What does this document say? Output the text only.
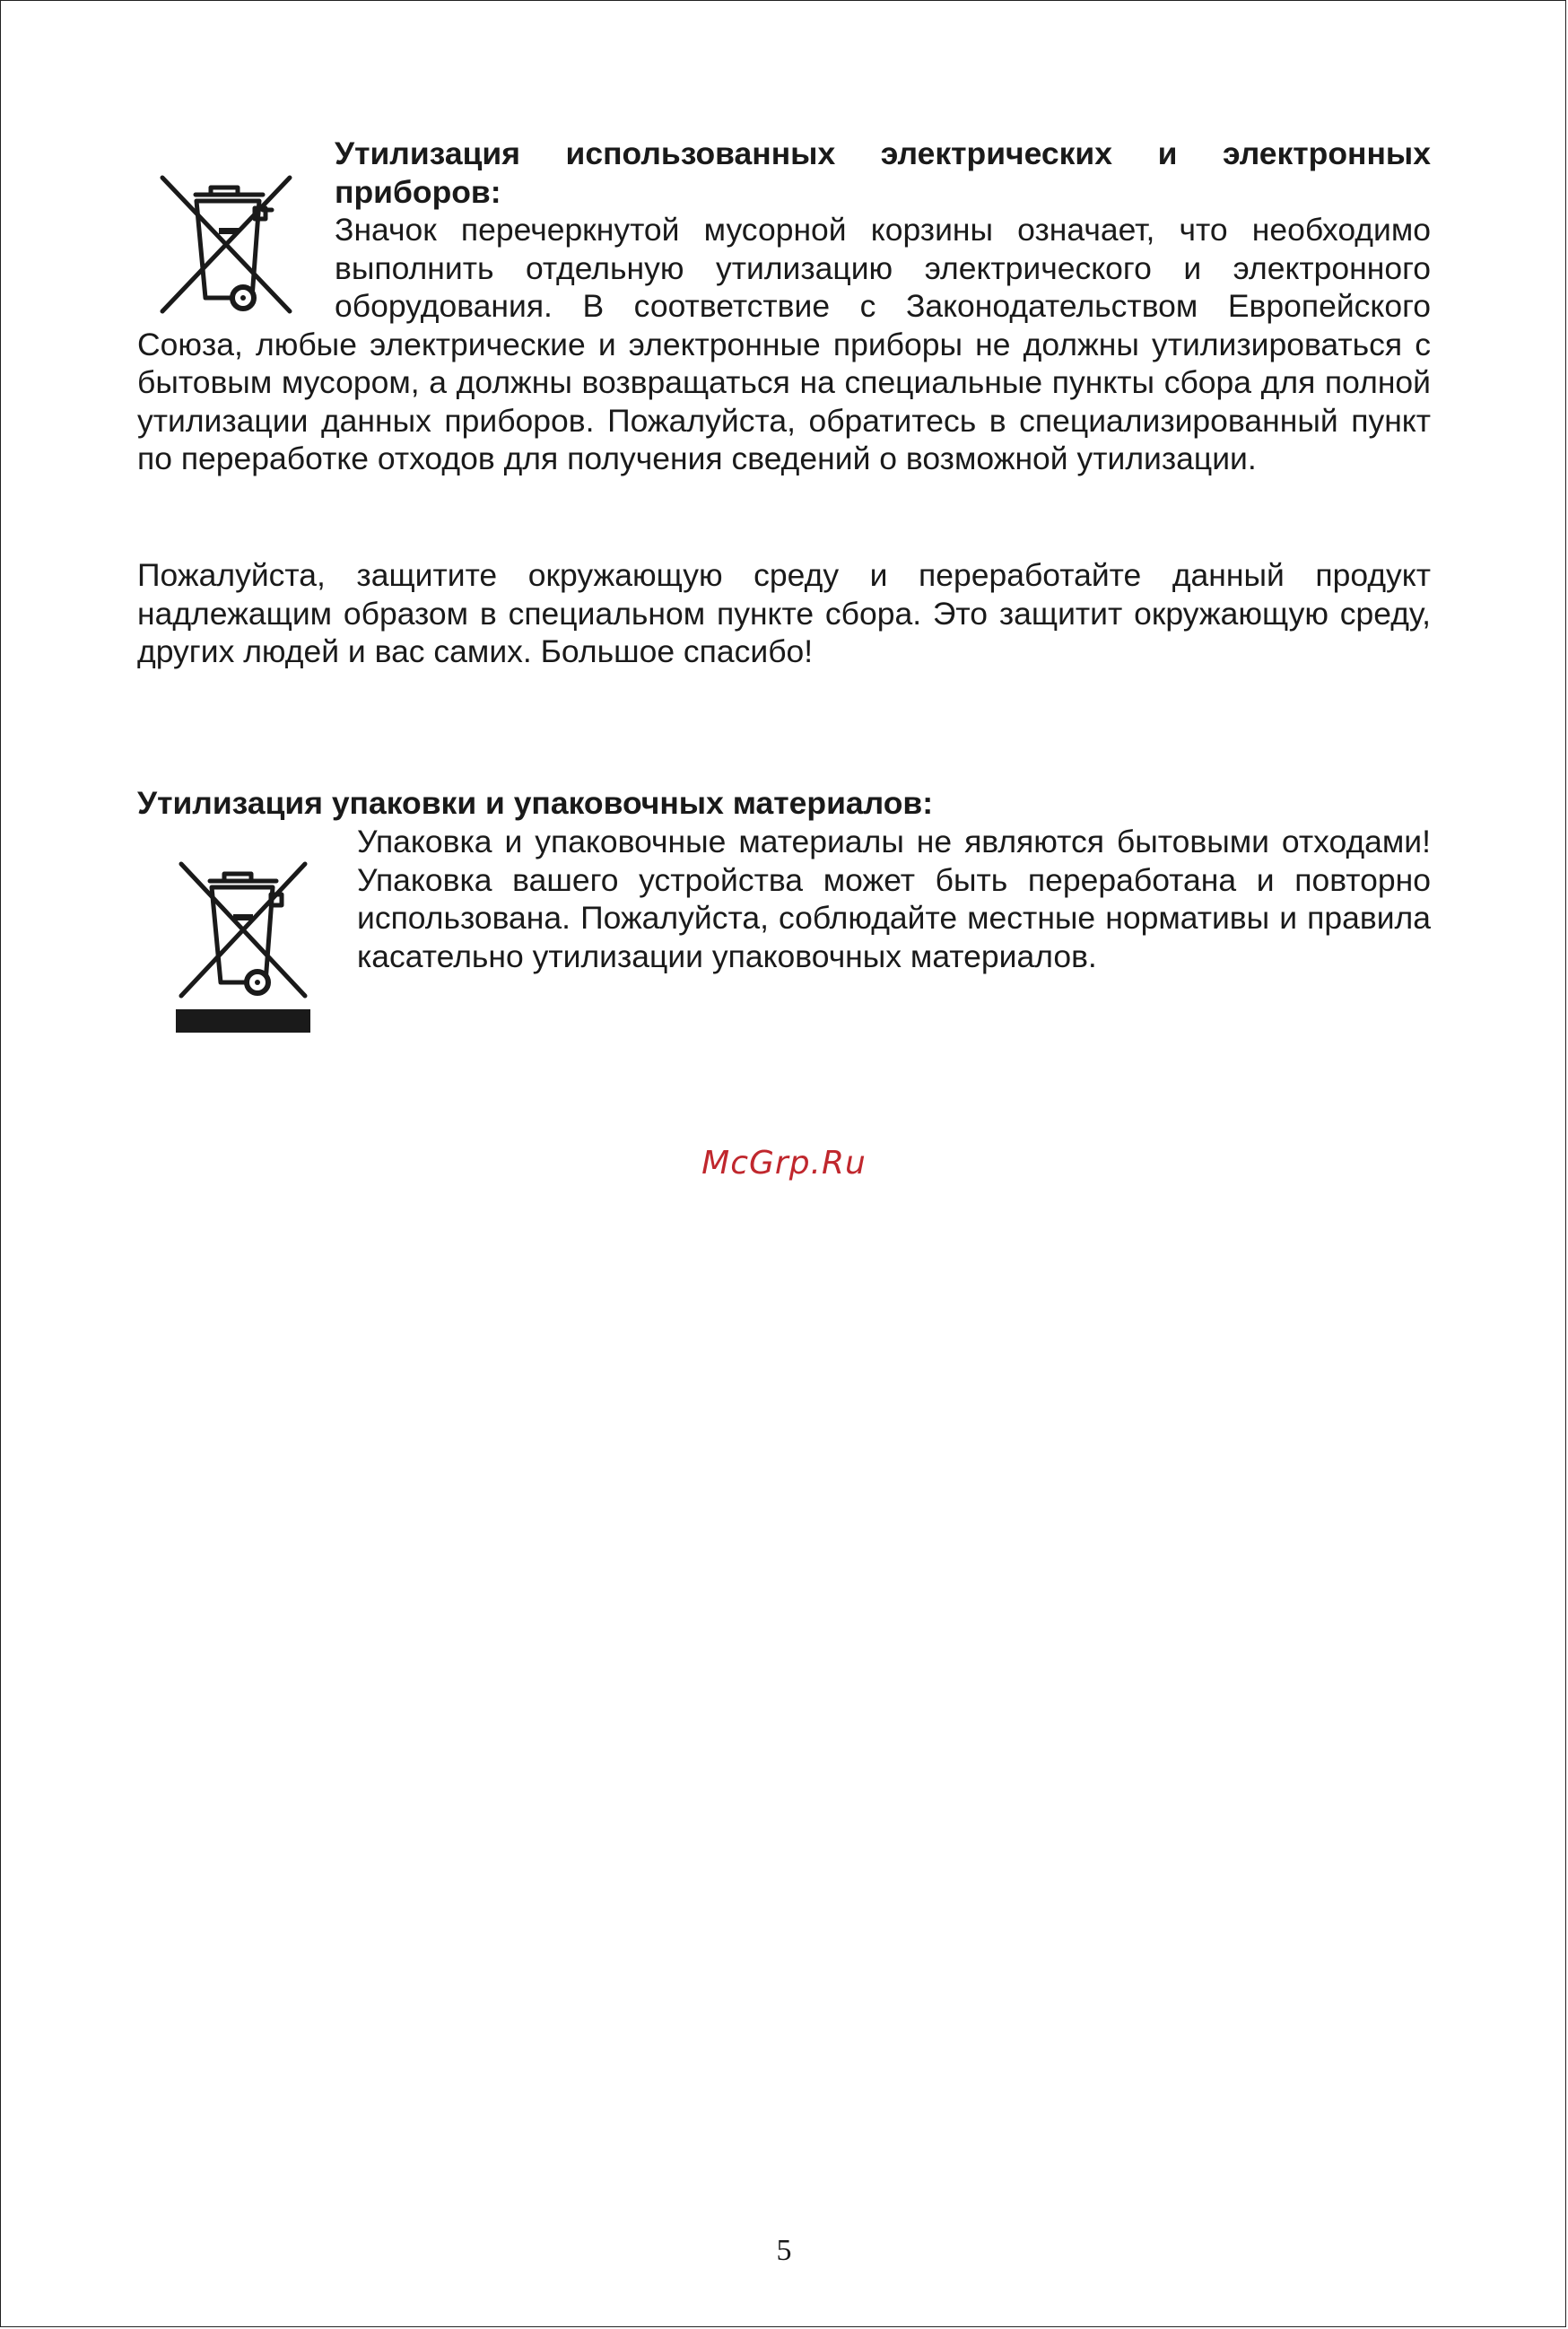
Утилизация использованных электрических и электронных приборов:

Значок перечеркнутой мусорной корзины означает, что необходимо выполнить отдельную утилизацию электрического и электронного оборудования. В соответствие с Законодательством Европейского Союза, любые электрические и электронные приборы не должны утилизироваться с бытовым мусором, а должны возвращаться на специальные пункты сбора для полной утилизации данных приборов. Пожалуйста, обратитесь в специализированный пункт по переработке отходов для получения сведений о возможной утилизации.

Пожалуйста, защитите окружающую среду и переработайте данный продукт надлежащим образом в специальном пункте сбора. Это защитит окружающую среду, других людей и вас самих. Большое спасибо!

Утилизация упаковки и упаковочных материалов:

Упаковка и упаковочные материалы не являются бытовыми отходами! Упаковка вашего устройства может быть переработана и повторно использована. Пожалуйста, соблюдайте местные нормативы и правила касательно утилизации упаковочных материалов.

McGrp.Ru
5
